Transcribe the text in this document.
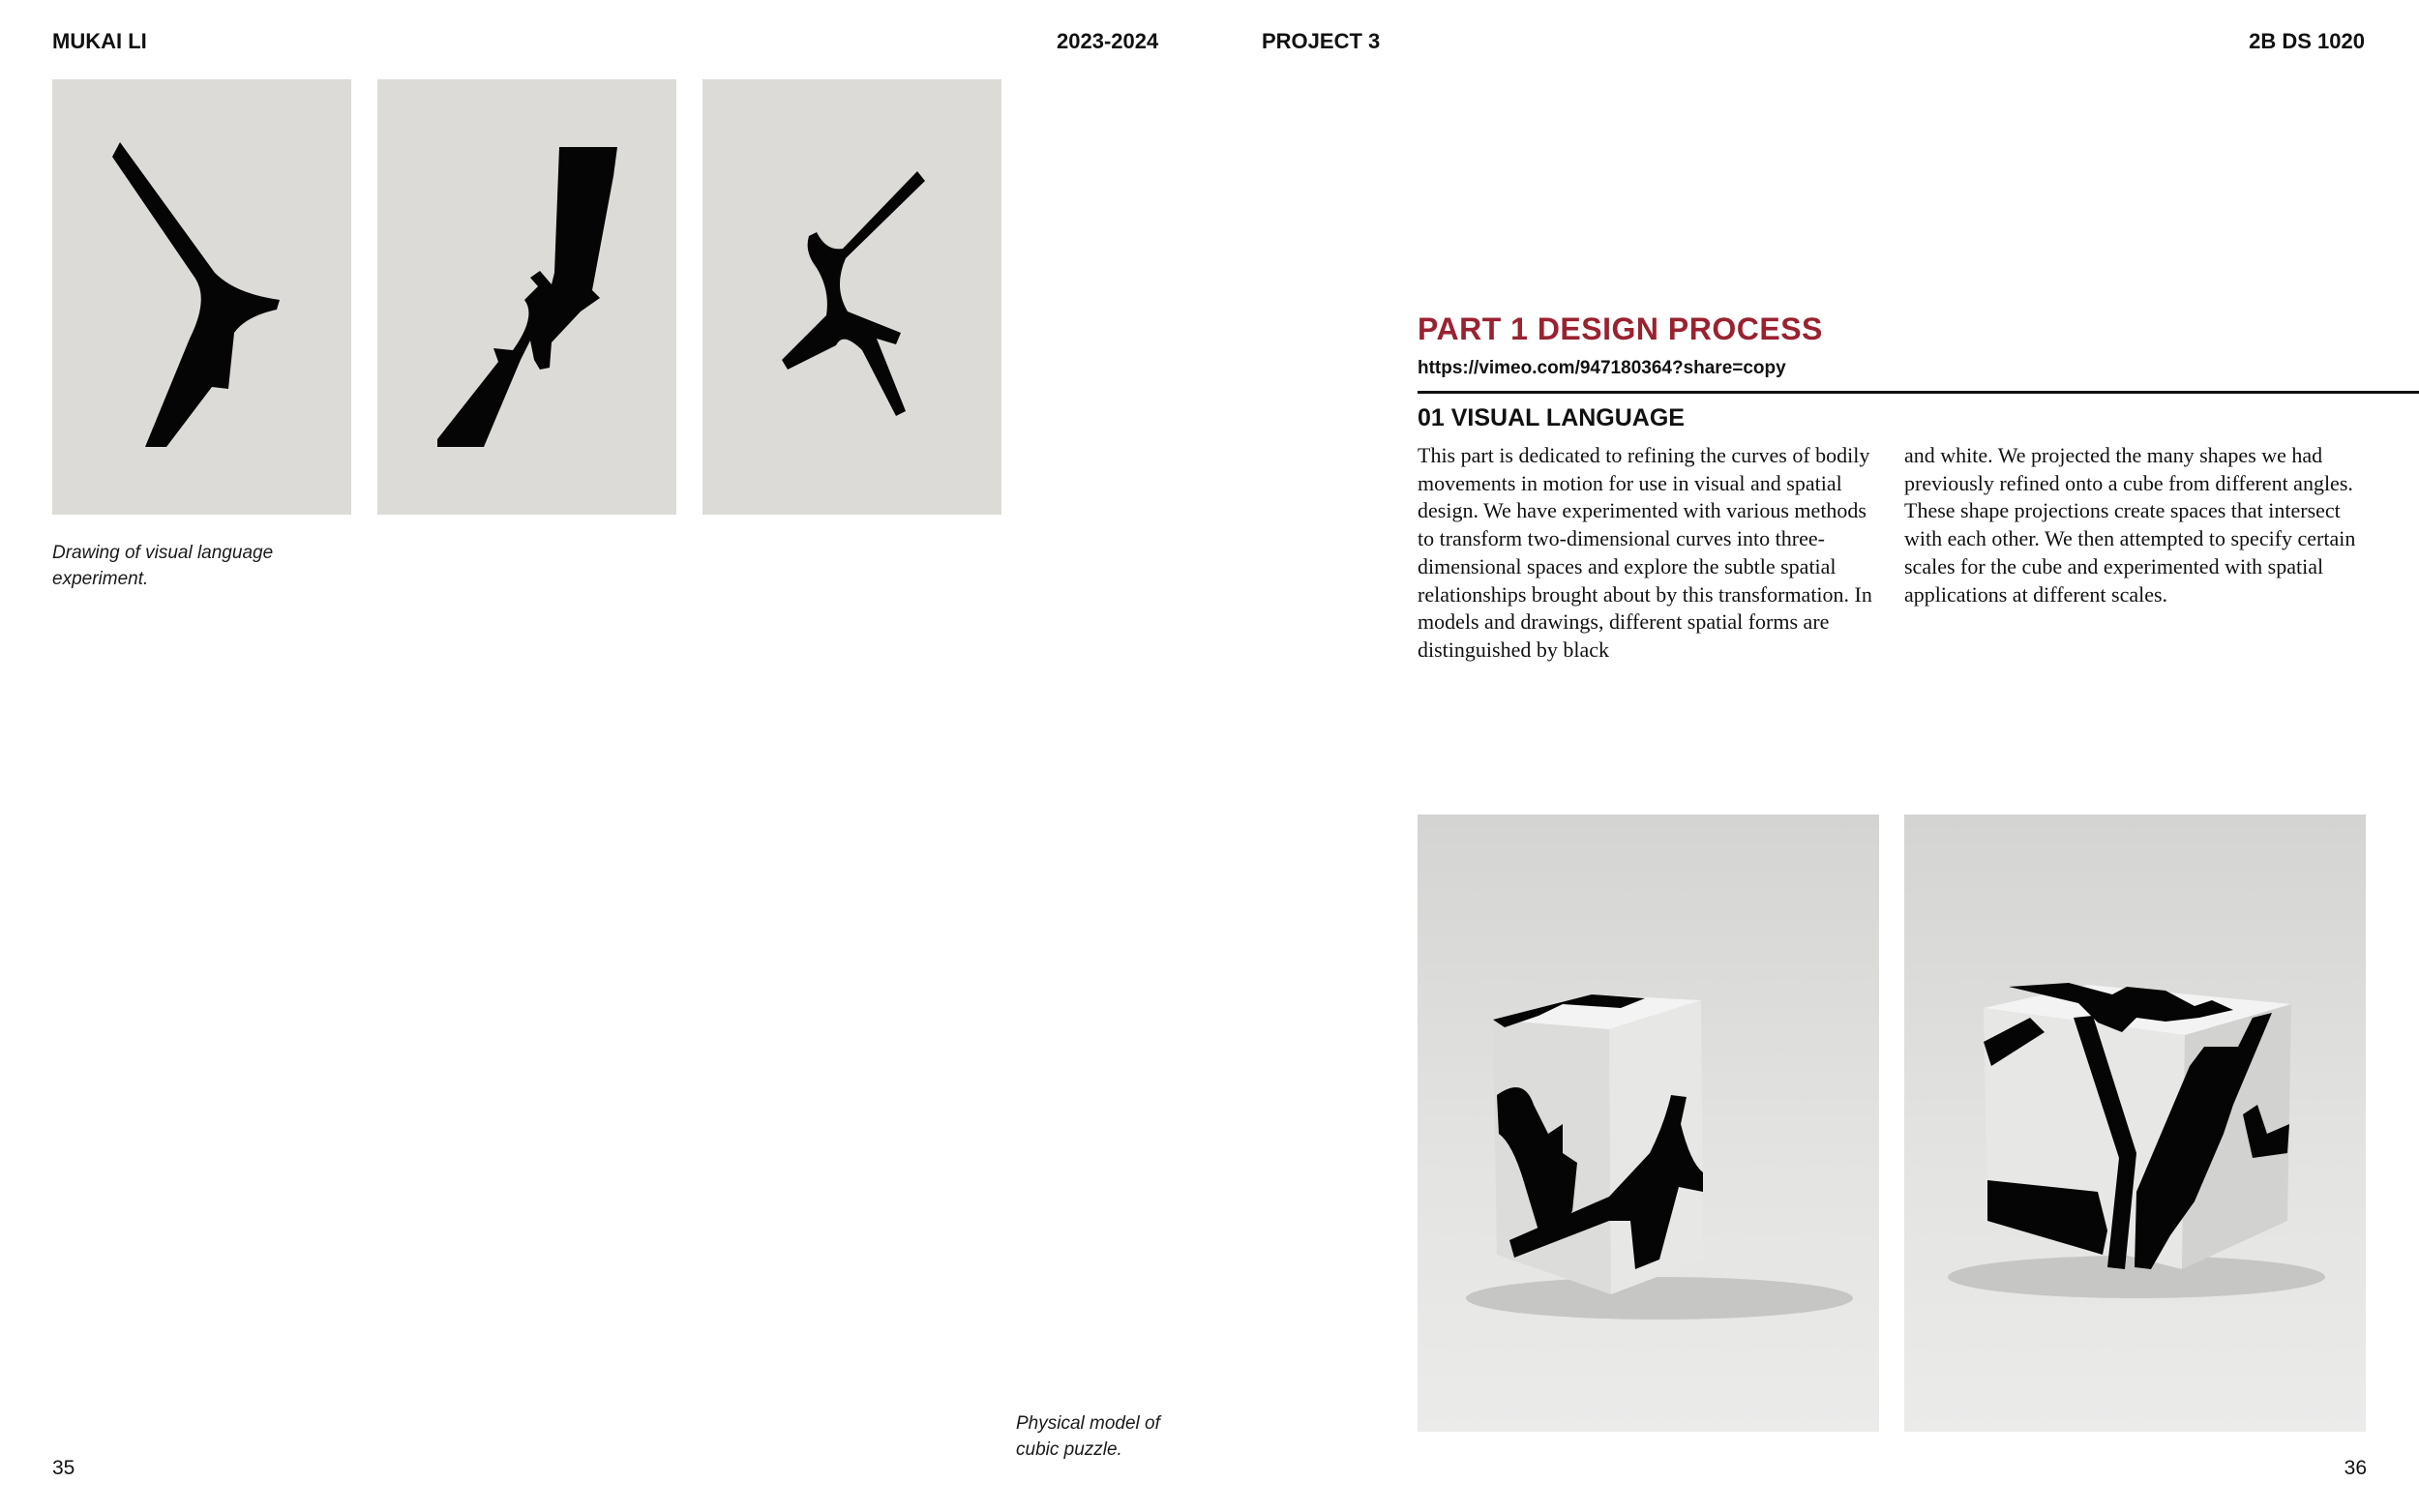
MUKAI LI	2023-2024	PROJECT 3	2B DS 1020
Drawing of visual language
experiment.
Physical model of
cubic puzzle.
35
PART 1 DESIGN PROCESS
https://vimeo.com/947180364?share=copy
01 VISUAL LANGUAGE
This part is dedicated to refining the curves of bodily movements in motion for use in visual and spatial design. We have experimented with various methods to transform two-dimensional curves into three-dimensional spaces and explore the subtle spatial relationships brought about by this transformation. In models and drawings, different spatial forms are distinguished by black
and white. We projected the many shapes we had previously refined onto a cube from different angles. These shape projections create spaces that intersect with each other. We then attempted to specify certain scales for the cube and experimented with spatial applications at different scales.
36
